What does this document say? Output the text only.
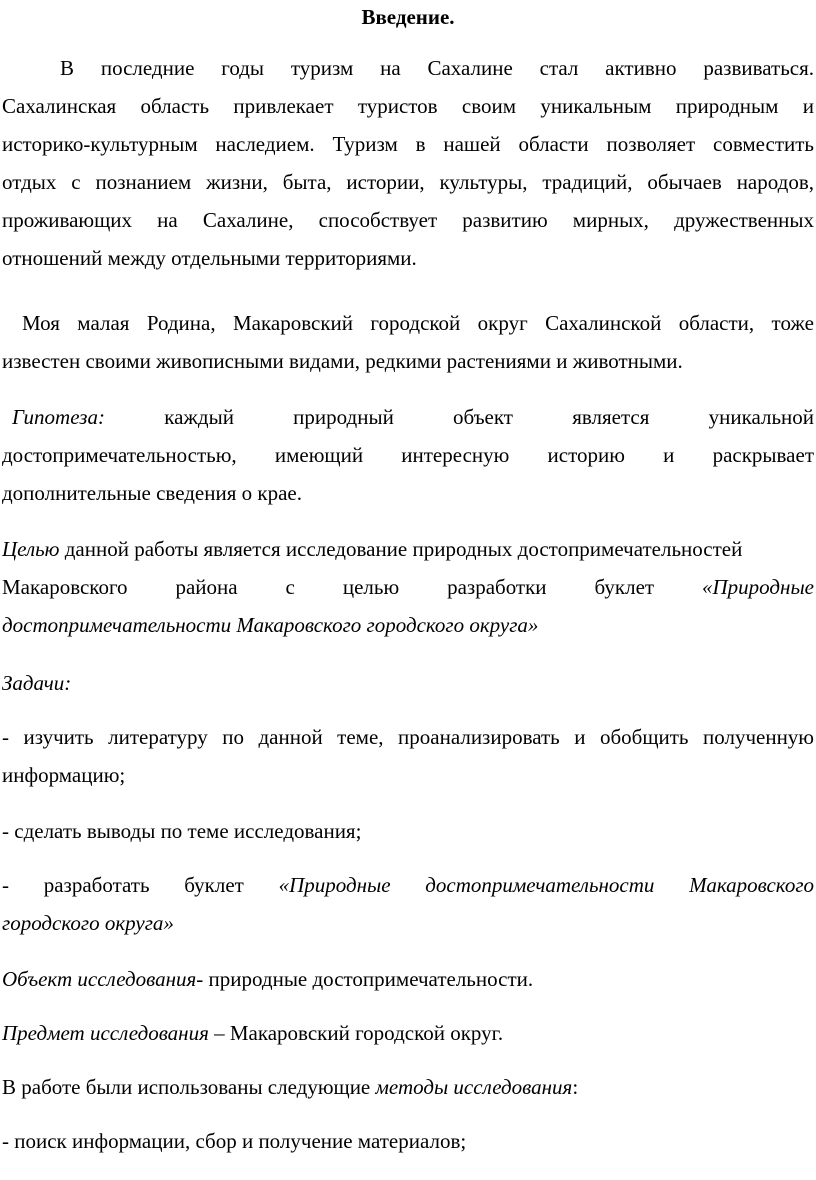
Введение.
В последние годы туризм на Сахалине стал активно развиваться.
Сахалинская область привлекает туристов своим уникальным природным и
историко-культурным наследием. Туризм в нашей области позволяет совместить
отдых с познанием жизни, быта, истории, культуры, традиций, обычаев народов,
проживающих на Сахалине, способствует развитию мирных, дружественных
отношений между отдельными территориями.
Моя малая Родина, Макаровский городской округ Сахалинской области, тоже
известен своими живописными видами, редкими растениями и животными.
Гипотеза:	каждый природный объект является уникальной
достопримечательностью, имеющий интересную историю и раскрывает
дополнительные сведения о крае.
Целью данной работы является исследование природных достопримечательностей
Макаровского района с целью разработки буклет «Природные
достопримечательности Макаровского городского округа»
Задачи:
- изучить литературу по данной теме, проанализировать и обобщить полученную
информацию;
- сделать выводы по теме исследования;
- разработать буклет «Природные достопримечательности Макаровского
городского округа»
Объект исследования- природные достопримечательности.
Предмет исследования – Макаровский городской округ.
В работе были использованы следующие методы исследования:
- поиск информации, сбор и получение материалов;
